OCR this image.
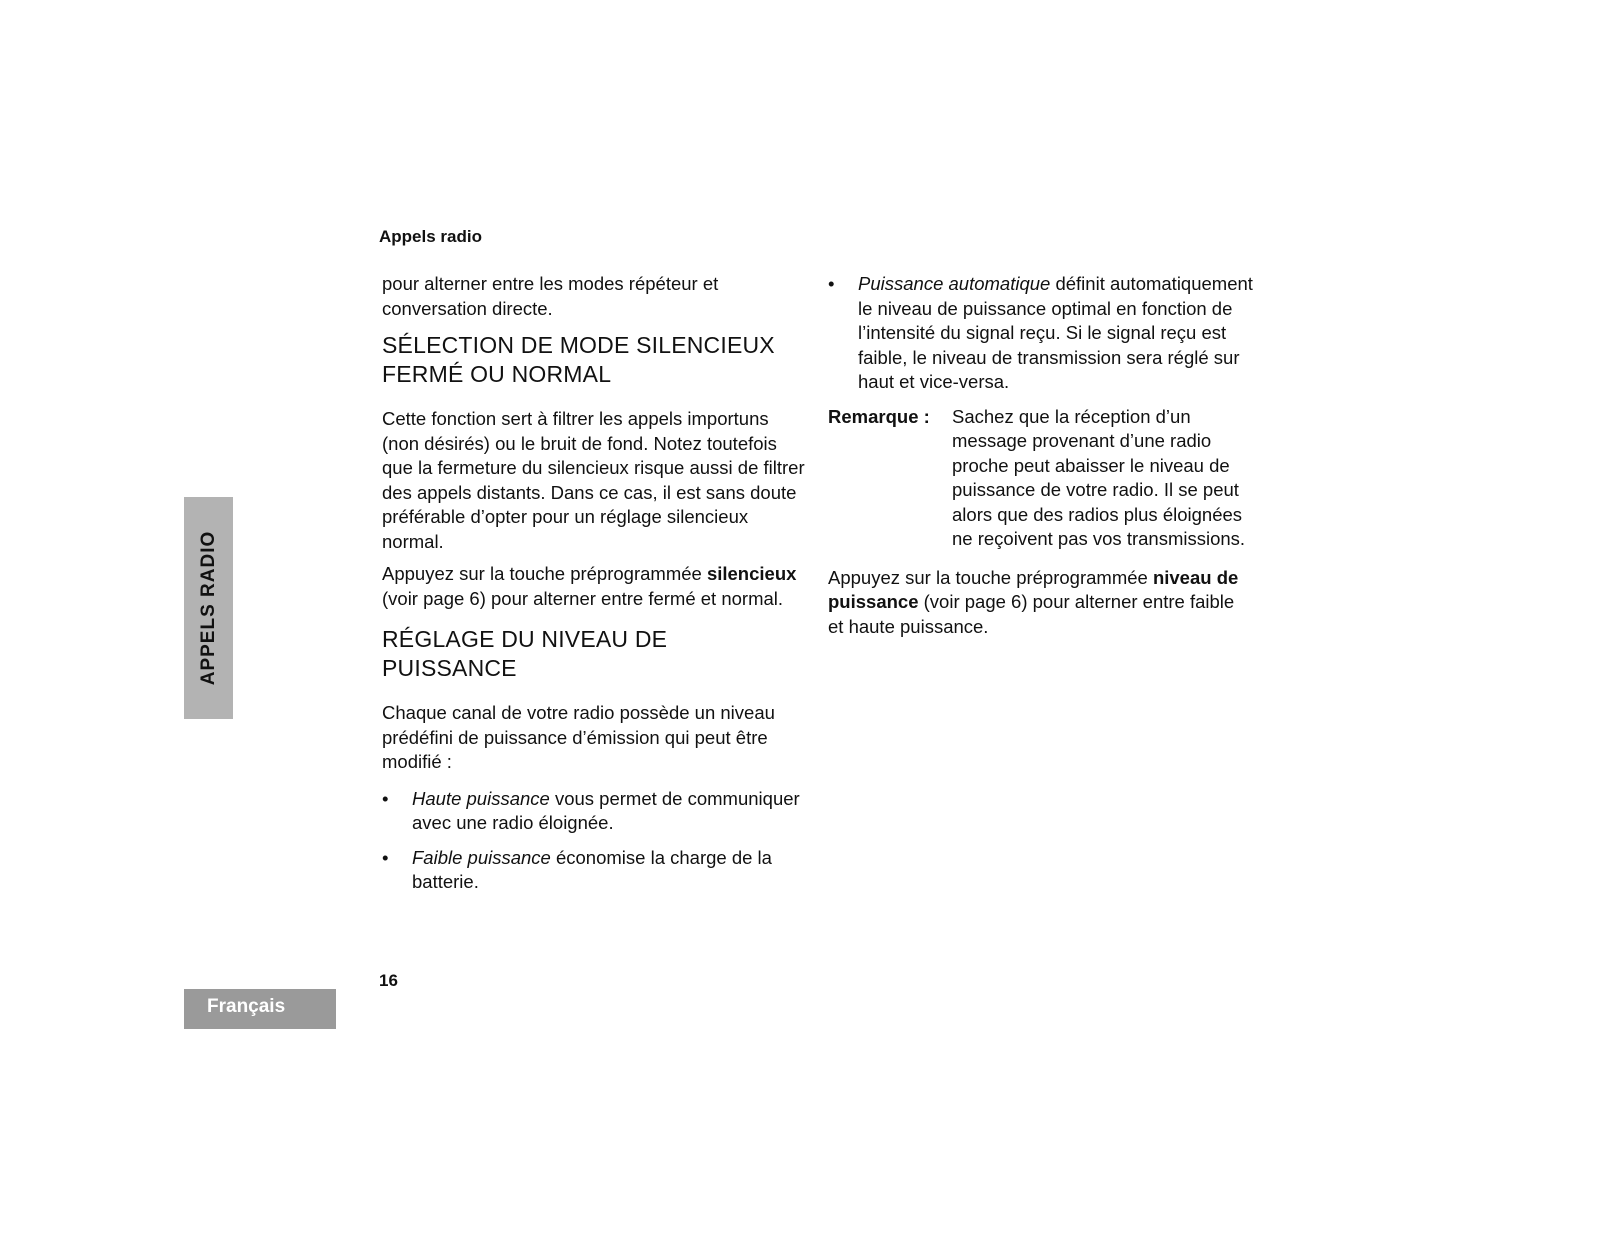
Appels radio
APPELS RADIO

pour alterner entre les modes répéteur et conversation directe.

SÉLECTION DE MODE SILENCIEUX FERMÉ OU NORMAL

Cette fonction sert à filtrer les appels importuns (non désirés) ou le bruit de fond. Notez toutefois que la fermeture du silencieux risque aussi de filtrer des appels distants. Dans ce cas, il est sans doute préférable d’opter pour un réglage silencieux normal.

Appuyez sur la touche préprogrammée silencieux (voir page 6) pour alterner entre fermé et normal.

RÉGLAGE DU NIVEAU DE PUISSANCE

Chaque canal de votre radio possède un niveau prédéfini de puissance d’émission qui peut être modifié :

• Haute puissance vous permet de communiquer avec une radio éloignée.
• Faible puissance économise la charge de la batterie.
• Puissance automatique définit automatiquement le niveau de puissance optimal en fonction de l’intensité du signal reçu. Si le signal reçu est faible, le niveau de transmission sera réglé sur haut et vice-versa.
Remarque :	Sachez que la réception d’un message provenant d’une radio proche peut abaisser le niveau de puissance de votre radio. Il se peut alors que des radios plus éloignées ne reçoivent pas vos transmissions.

Appuyez sur la touche préprogrammée niveau de puissance (voir page 6) pour alterner entre faible et haute puissance.

16
Français
